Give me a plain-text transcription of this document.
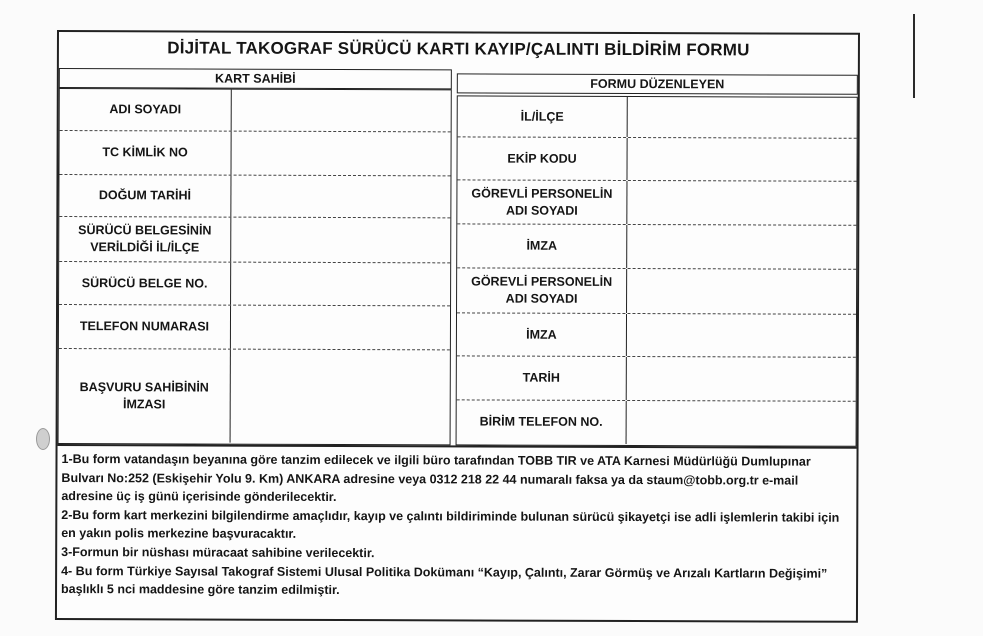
DİJİTAL TAKOGRAF SÜRÜCÜ KARTI KAYIP/ÇALINTI BİLDİRİM FORMU
KART SAHİBİ	FORMU DÜZENLEYEN
ADI SOYADI
TC KİMLİK NO
DOĞUM TARİHİ
SÜRÜCÜ BELGESİNİN VERİLDİĞİ İL/İLÇE
SÜRÜCÜ BELGE NO.
TELEFON NUMARASI
BAŞVURU SAHİBİNİN İMZASI
İL/İLÇE
EKİP KODU
GÖREVLİ PERSONELİN ADI SOYADI
İMZA
GÖREVLİ PERSONELİN ADI SOYADI
İMZA
TARİH
BİRİM TELEFON NO.

1-Bu form vatandaşın beyanına göre tanzim edilecek ve ilgili büro tarafından TOBB TIR ve ATA Karnesi Müdürlüğü Dumlupınar Bulvarı No:252 (Eskişehir Yolu 9. Km) ANKARA adresine veya 0312 218 22 44 numaralı faksa ya da staum@tobb.org.tr e-mail adresine üç iş günü içerisinde gönderilecektir.

2-Bu form kart merkezini bilgilendirme amaçlıdır, kayıp ve çalıntı bildiriminde bulunan sürücü şikayetçi ise adli işlemlerin takibi için en yakın polis merkezine başvuracaktır.

3-Formun bir nüshası müracaat sahibine verilecektir.

4- Bu form Türkiye Sayısal Takograf Sistemi Ulusal Politika Dokümanı “Kayıp, Çalıntı, Zarar Görmüş ve Arızalı Kartların Değişimi” başlıklı 5 nci maddesine göre tanzim edilmiştir.
